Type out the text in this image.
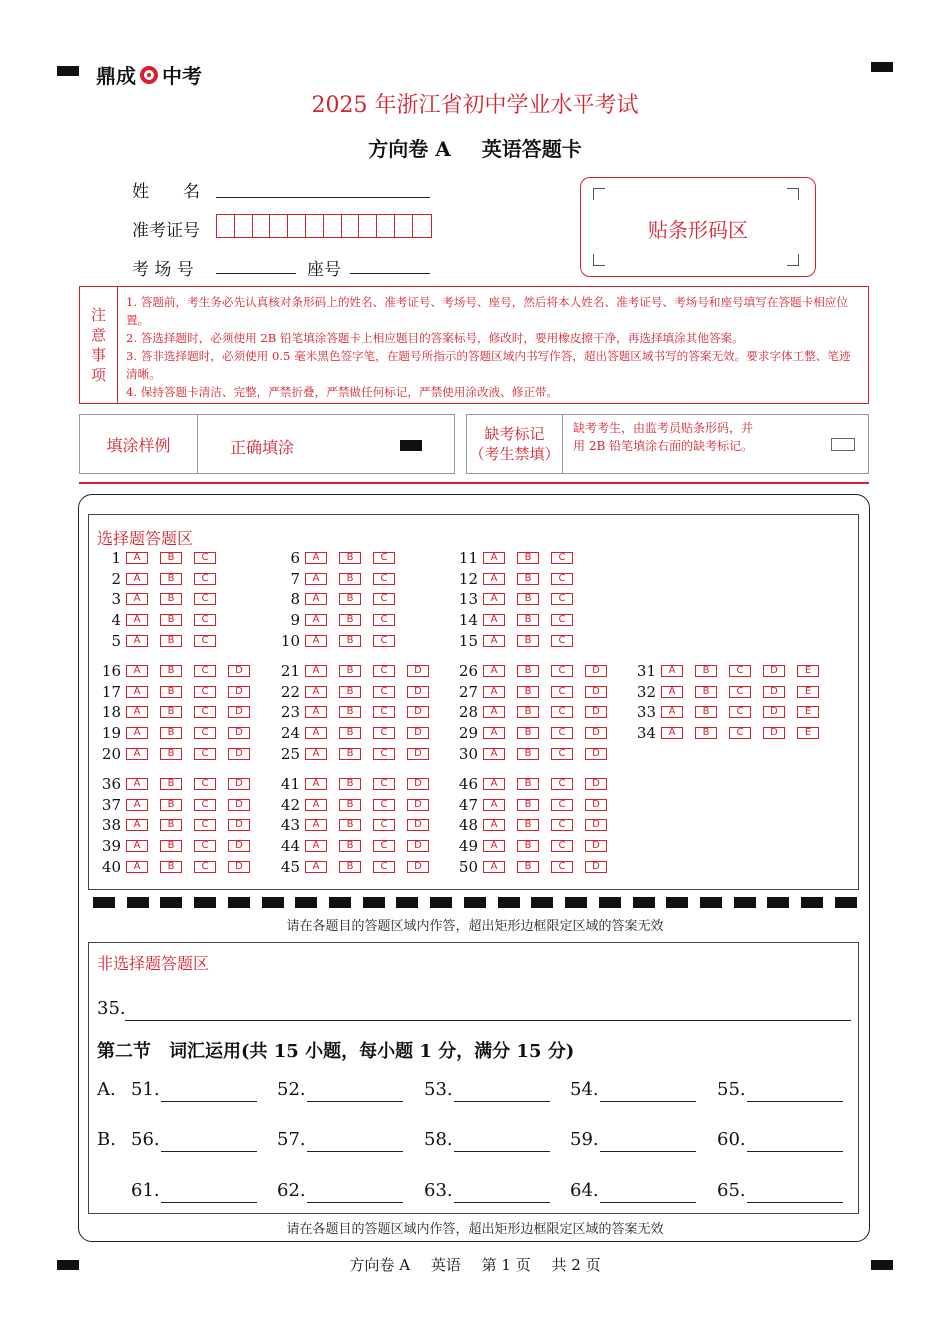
鼎成 中考
2025 年浙江省初中学业水平考试
方向卷 A 英语答题卡
姓　　名
准考证号
考 场 号	座号
贴条形码区
注
意
事
项
1. 答题前，考生务必先认真核对条形码上的姓名、准考证号、考场号、座号，然后将本人姓名、准考证号、考场号和座号填写在答题卡相应位置。
2. 答选择题时，必须使用 2B 铅笔填涂答题卡上相应题目的答案标号，修改时，要用橡皮擦干净，再选择填涂其他答案。
3. 答非选择题时，必须使用 0.5 毫米黑色签字笔，在题号所指示的答题区域内书写作答，超出答题区域书写的答案无效。要求字体工整、笔迹清晰。
4. 保持答题卡清洁、完整，严禁折叠，严禁做任何标记，严禁使用涂改液、修正带。
填涂样例	正确填涂
缺考标记
（考生禁填）
缺考考生，由监考员贴条形码，并用 2B 铅笔填涂右面的缺考标记。
选择题答题区
1	A	B	C
2	A	B	C
3	A	B	C
4	A	B	C
5	A	B	C
6	A	B	C
7	A	B	C
8	A	B	C
9	A	B	C
10	A	B	C
11	A	B	C
12	A	B	C
13	A	B	C
14	A	B	C
15	A	B	C
16	A	B	C	D
17	A	B	C	D
18	A	B	C	D
19	A	B	C	D
20	A	B	C	D
21	A	B	C	D
22	A	B	C	D
23	A	B	C	D
24	A	B	C	D
25	A	B	C	D
26	A	B	C	D
27	A	B	C	D
28	A	B	C	D
29	A	B	C	D
30	A	B	C	D
31	A	B	C	D	E
32	A	B	C	D	E
33	A	B	C	D	E
34	A	B	C	D	E
36	A	B	C	D
37	A	B	C	D
38	A	B	C	D
39	A	B	C	D
40	A	B	C	D
41	A	B	C	D
42	A	B	C	D
43	A	B	C	D
44	A	B	C	D
45	A	B	C	D
46	A	B	C	D
47	A	B	C	D
48	A	B	C	D
49	A	B	C	D
50	A	B	C	D
请在各题目的答题区域内作答，超出矩形边框限定区域的答案无效
非选择题答题区
35.
第二节　词汇运用(共 15 小题，每小题 1 分，满分 15 分)
A.
B.
51.	52.	53.	54.	55.
56.	57.	58.	59.	60.
61.	62.	63.	64.	65.
请在各题目的答题区域内作答，超出矩形边框限定区域的答案无效
方向卷 A 英语 第 1 页 共 2 页
